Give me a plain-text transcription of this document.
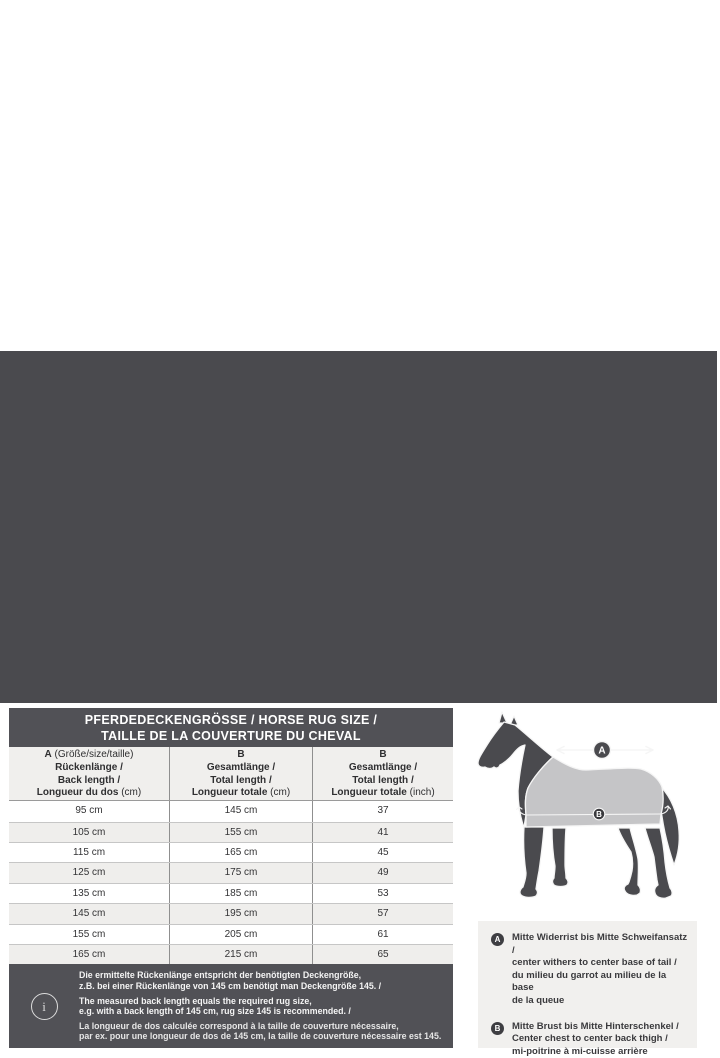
PFERDEDECKENGRÖSSE / HORSE RUG SIZE /
TAILLE DE LA COUVERTURE DU CHEVAL
A (Größe/size/taille)
Rückenlänge /
Back length /
Longueur du dos (cm)
B
Gesamtlänge /
Total length /
Longueur totale (cm)
B
Gesamtlänge /
Total length /
Longueur totale (inch)
95 cm	145 cm	37
105 cm	155 cm	41
115 cm	165 cm	45
125 cm	175 cm	49
135 cm	185 cm	53
145 cm	195 cm	57
155 cm	205 cm	61
165 cm	215 cm	65
i
Die ermittelte Rückenlänge entspricht der benötigten Deckengröße,
z.B. bei einer Rückenlänge von 145 cm benötigt man Deckengröße 145. /
The measured back length equals the required rug size,
e.g. with a back length of 145 cm, rug size 145 is recommended. /
La longueur de dos calculée correspond à la taille de couverture nécessaire,
par ex. pour une longueur de dos de 145 cm, la taille de couverture nécessaire est 145.
A
B
A	Mitte Widerrist bis Mitte Schweifansatz /
center withers to center base of tail /
du milieu du garrot au milieu de la base
de la queue
B	Mitte Brust bis Mitte Hinterschenkel /
Center chest to center back thigh /
mi-poitrine à mi-cuisse arrière
